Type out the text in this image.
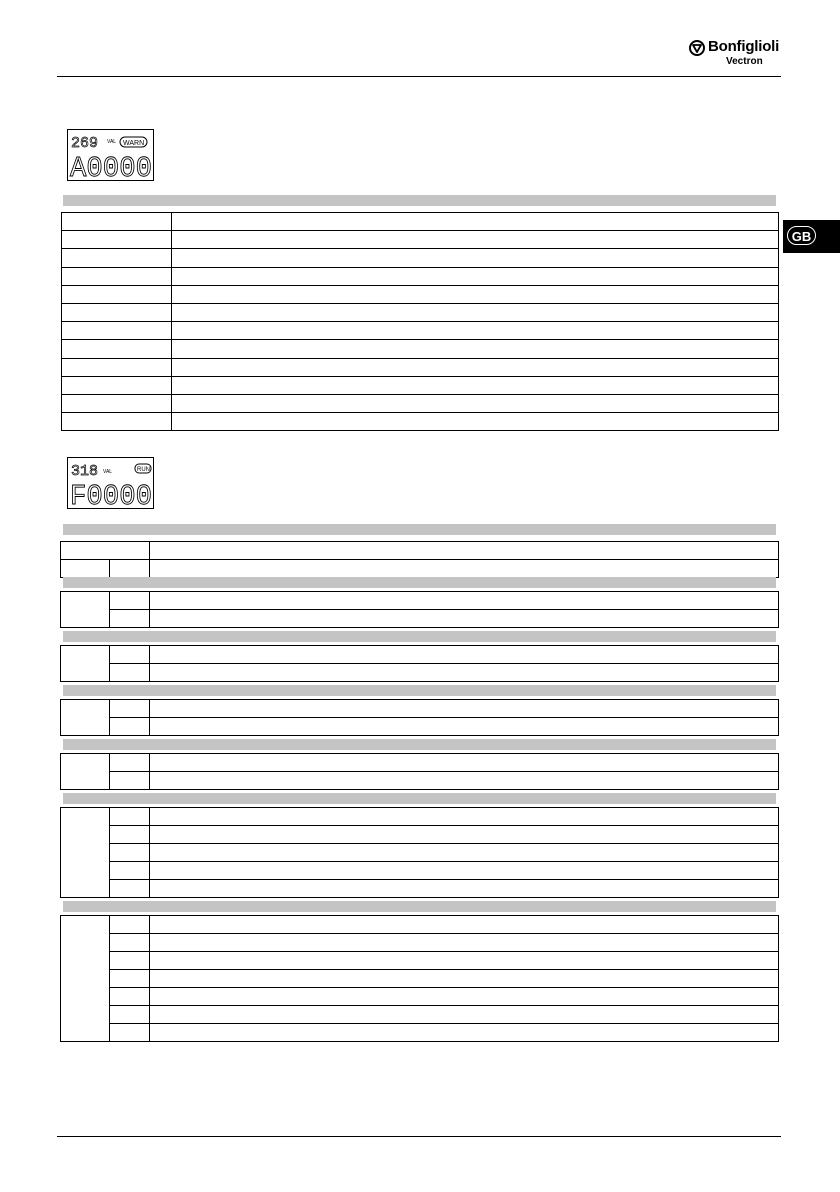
Bonfiglioli
Vectron
GB
269 VAL WARN
A0000
318 VAL	RUN
F0000
